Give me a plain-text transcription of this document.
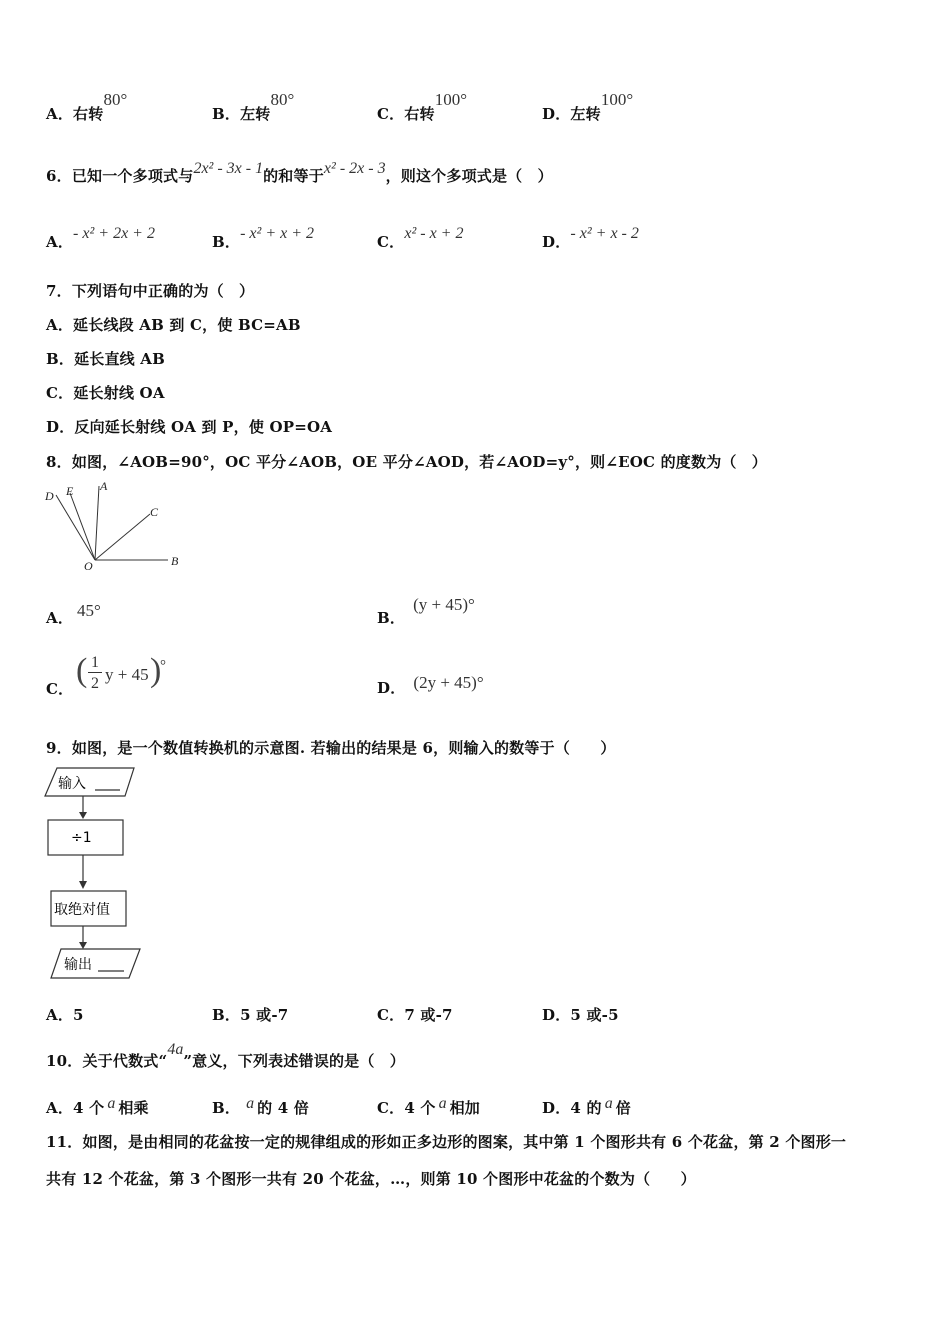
A．右转80°
B．左转80°
C．右转100°
D．左转100°
6．已知一个多项式与2x² - 3x - 1的和等于x² - 2x - 3，则这个多项式是（　）
A．- x² + 2x + 2	B．- x² + x + 2	C．x² - x + 2	D．- x² + x - 2
7．下列语句中正确的为（　）
A．延长线段 AB 到 C，使 BC=AB
B．延长直线 AB
C．延长射线 OA
D．反向延长射线 OA 到 P，使 OP=OA
8．如图，∠AOB=90°，OC 平分∠AOB，OE 平分∠AOD，若∠AOD=y°，则∠EOC 的度数为（　）
D E A
C
O	B
A． 45°	B．(y + 45)°
C． ( 1
2 y + 45 )
°
D． (2y + 45)°
9．如图，是一个数值转换机的示意图. 若输出的结果是 6，则输入的数等于（　　）
输入
÷1
取绝对值
输出
A．5	B．5 或-7	C．7 或-7	D．5 或-5
10．关于代数式“4a”意义，下列表述错误的是（　）
A．4 个 a 相乘	B． a 的 4 倍	C．4 个 a 相加	D．4 的 a 倍
11．如图，是由相同的花盆按一定的规律组成的形如正多边形的图案，其中第 1 个图形共有 6 个花盆，第 2 个图形一
共有 12 个花盆，第 3 个图形一共有 20 个花盆，…，则第 10 个图形中花盆的个数为（　　）
